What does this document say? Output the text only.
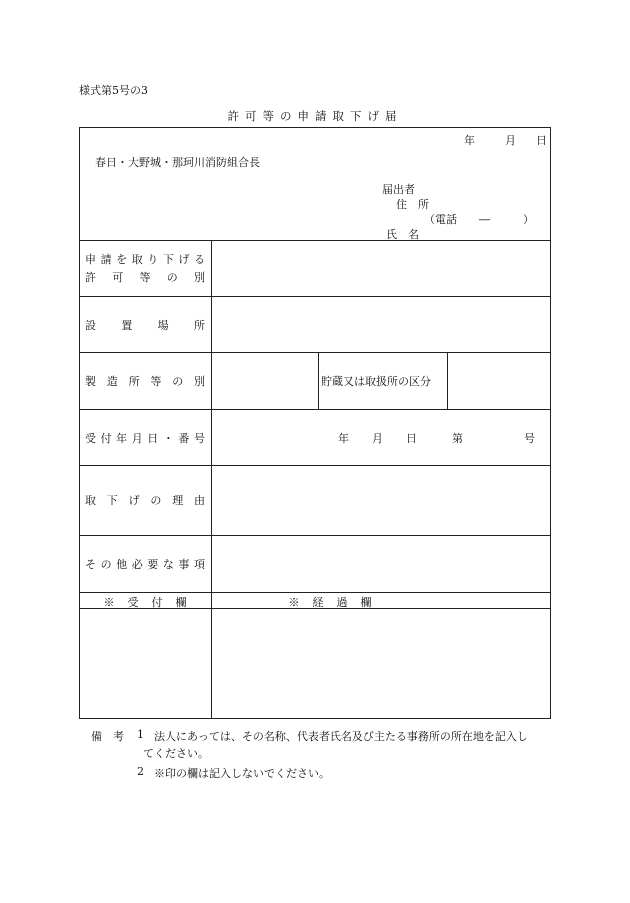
様式第5号の3
許可等の申請取下げ届
年	月 日
春日・大野城・那珂川消防組合長
届出者
住　所
（電話　　―　　　）
氏　名
申請を取り下げる
許可等の別
設置場所
製造所等の別	貯蔵又は取扱所の区分
受付年月日・番号	年 月 日	第	号
取下げの理由
その他必要な事項
※　受　付　欄	※　経　過　欄
備　考 1 法人にあっては、その名称、代表者氏名及び主たる事務所の所在地を記入し
てください。
2 ※印の欄は記入しないでください。
